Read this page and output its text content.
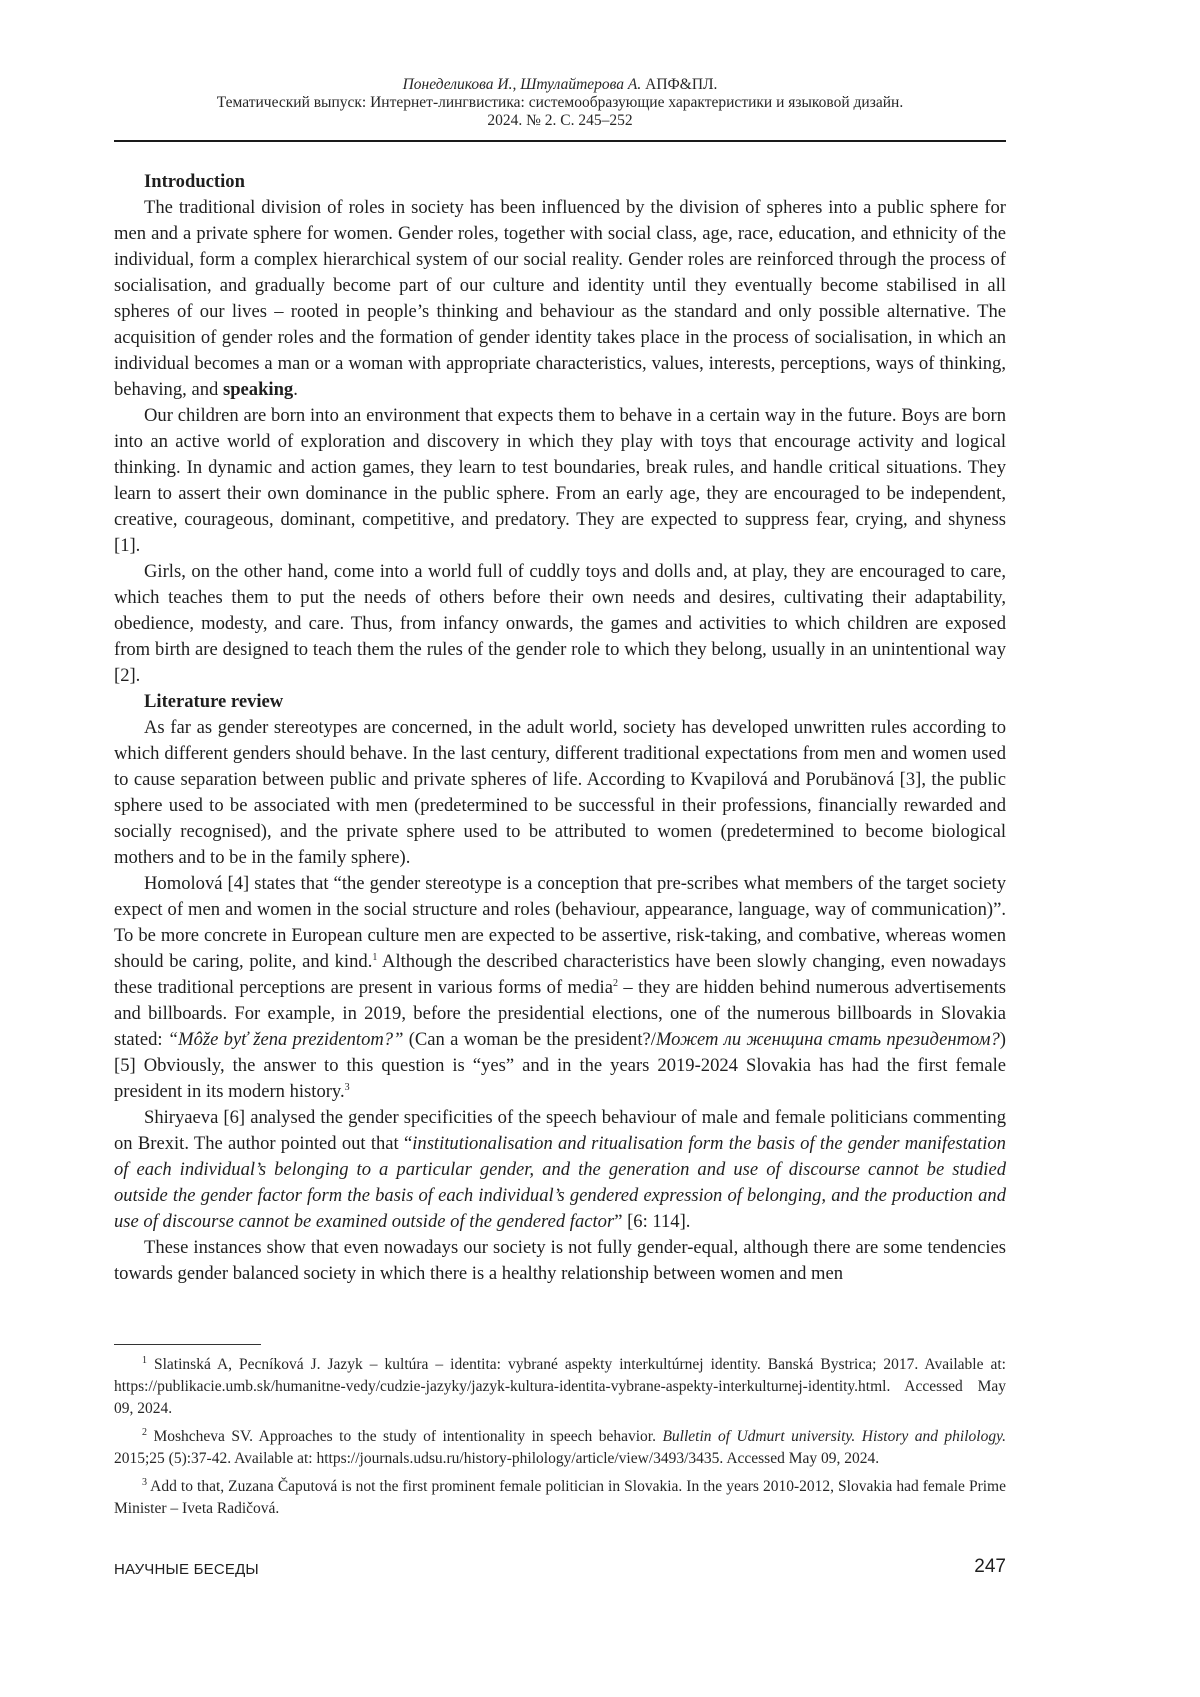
Понеделикова И., Штулайтерова А. АПФ&ПЛ.
Тематический выпуск: Интернет-лингвистика: системообразующие характеристики и языковой дизайн.
2024. № 2. С. 245–252
Introduction

The traditional division of roles in society has been influenced by the division of spheres into a public sphere for men and a private sphere for women. Gender roles, together with social class, age, race, education, and ethnicity of the individual, form a complex hierarchical system of our social reality. Gender roles are reinforced through the process of socialisation, and gradually become part of our culture and identity until they eventually become stabilised in all spheres of our lives – rooted in people’s thinking and behaviour as the standard and only possible alternative. The acquisition of gender roles and the formation of gender identity takes place in the process of socialisation, in which an individual becomes a man or a woman with appropriate characteristics, values, interests, perceptions, ways of thinking, behaving, and speaking.

Our children are born into an environment that expects them to behave in a certain way in the future. Boys are born into an active world of exploration and discovery in which they play with toys that encourage activity and logical thinking. In dynamic and action games, they learn to test boundaries, break rules, and handle critical situations. They learn to assert their own dominance in the public sphere. From an early age, they are encouraged to be independent, creative, courageous, dominant, competitive, and predatory. They are expected to suppress fear, crying, and shyness [1].

Girls, on the other hand, come into a world full of cuddly toys and dolls and, at play, they are encouraged to care, which teaches them to put the needs of others before their own needs and desires, cultivating their adaptability, obedience, modesty, and care. Thus, from infancy onwards, the games and activities to which children are exposed from birth are designed to teach them the rules of the gender role to which they belong, usually in an unintentional way [2].

Literature review

As far as gender stereotypes are concerned, in the adult world, society has developed unwritten rules according to which different genders should behave. In the last century, different traditional expectations from men and women used to cause separation between public and private spheres of life. According to Kvapilová and Porubänová [3], the public sphere used to be associated with men (predetermined to be successful in their professions, financially rewarded and socially recognised), and the private sphere used to be attributed to women (predetermined to become biological mothers and to be in the family sphere).

Homolová [4] states that “the gender stereotype is a conception that pre-scribes what members of the target society expect of men and women in the social structure and roles (behaviour, appearance, language, way of communication)”. To be more concrete in European culture men are expected to be assertive, risk-taking, and combative, whereas women should be caring, polite, and kind.$^1$ Although the described characteristics have been slowly changing, even nowadays these traditional perceptions are present in various forms of media$^2$ – they are hidden behind numerous advertisements and billboards. For example, in 2019, before the presidential elections, one of the numerous billboards in Slovakia stated: “Môže byť žena prezidentom?” (Can a woman be the president?/Может ли женщина стать президентом?) [5] Obviously, the answer to this question is “yes” and in the years 2019-2024 Slovakia has had the first female president in its modern history.$^3$

Shiryaeva [6] analysed the gender specificities of the speech behaviour of male and female politicians commenting on Brexit. The author pointed out that “institutionalisation and ritualisation form the basis of the gender manifestation of each individual’s belonging to a particular gender, and the generation and use of discourse cannot be studied outside the gender factor form the basis of each individual’s gendered expression of belonging, and the production and use of discourse cannot be examined outside of the gendered factor” [6: 114].

These instances show that even nowadays our society is not fully gender-equal, although there are some tendencies towards gender balanced society in which there is a healthy relationship between women and men

$^1$ Slatinská A, Pecníková J. Jazyk – kultúra – identita: vybrané aspekty interkultúrnej identity. Banská Bystrica; 2017. Available at: https://publikacie.umb.sk/humanitne-vedy/cudzie-jazyky/jazyk-kultura-identita-vybrane-aspekty-interkulturnej-identity.html. Accessed May 09, 2024.

$^2$ Moshcheva SV. Approaches to the study of intentionality in speech behavior. Bulletin of Udmurt university. History and philology. 2015;25 (5):37-42. Available at: https://journals.udsu.ru/history-philology/article/view/3493/3435. Accessed May 09, 2024.

$^3$ Add to that, Zuzana Čaputová is not the first prominent female politician in Slovakia. In the years 2010-2012, Slovakia had female Prime Minister – Iveta Radičová.

НАУЧНЫЕ БЕСЕДЫ	247
